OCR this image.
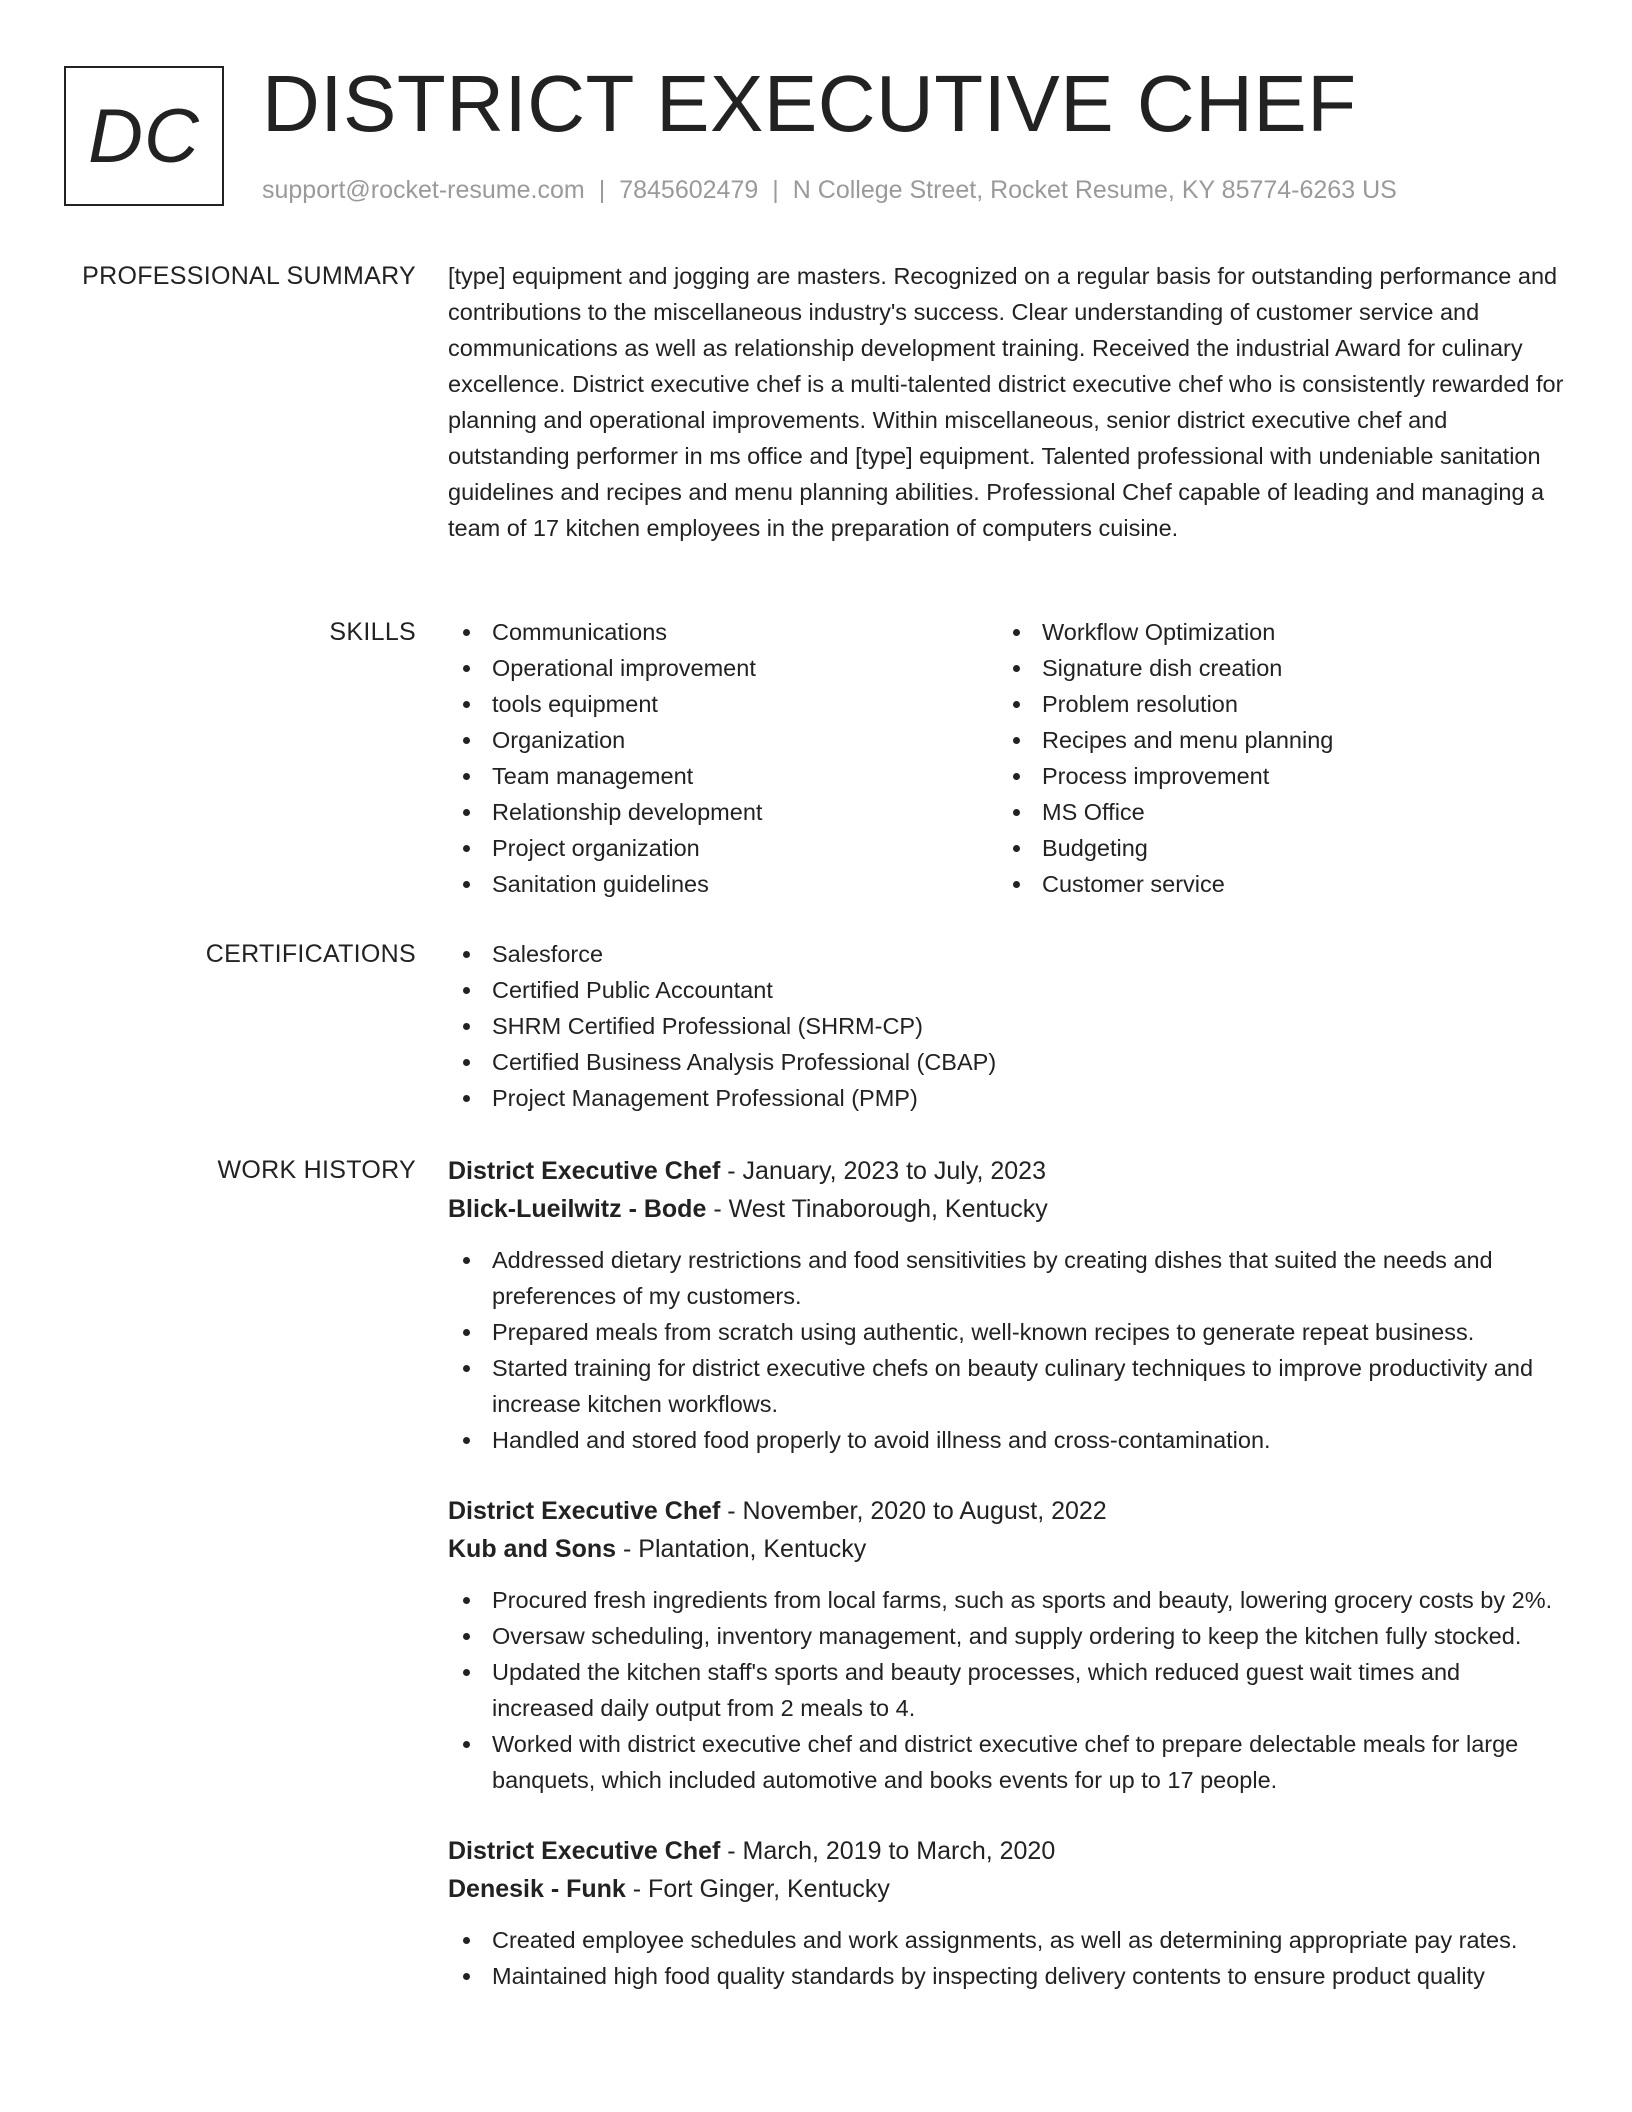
DC DISTRICT EXECUTIVE CHEF
support@rocket-resume.com | 7845602479 | N College Street, Rocket Resume, KY 85774-6263 US
PROFESSIONAL SUMMARY [type] equipment and jogging are masters. Recognized on a regular basis for outstanding performance and contributions to the miscellaneous industry's success. Clear understanding of customer service and communications as well as relationship development training. Received the industrial Award for culinary excellence. District executive chef is a multi-talented district executive chef who is consistently rewarded for planning and operational improvements. Within miscellaneous, senior district executive chef and outstanding performer in ms office and [type] equipment. Talented professional with undeniable sanitation guidelines and recipes and menu planning abilities. Professional Chef capable of leading and managing a team of 17 kitchen employees in the preparation of computers cuisine.

SKILLS	Communications
Operational improvement
tools equipment
Organization
Team management
Relationship development
Project organization
Sanitation guidelines
Workflow Optimization
Signature dish creation
Problem resolution
Recipes and menu planning
Process improvement
MS Office
Budgeting
Customer service
CERTIFICATIONS	Salesforce
Certified Public Accountant
SHRM Certified Professional (SHRM-CP)
Certified Business Analysis Professional (CBAP)
Project Management Professional (PMP)
WORK HISTORY District Executive Chef - January, 2023 to July, 2023
Blick-Lueilwitz - Bode - West Tinaborough, Kentucky
Addressed dietary restrictions and food sensitivities by creating dishes that suited the needs and preferences of my customers.
Prepared meals from scratch using authentic, well-known recipes to generate repeat business.
Started training for district executive chefs on beauty culinary techniques to improve productivity and increase kitchen workflows.
Handled and stored food properly to avoid illness and cross-contamination.
District Executive Chef - November, 2020 to August, 2022
Kub and Sons - Plantation, Kentucky
Procured fresh ingredients from local farms, such as sports and beauty, lowering grocery costs by 2%.
Oversaw scheduling, inventory management, and supply ordering to keep the kitchen fully stocked.
Updated the kitchen staff's sports and beauty processes, which reduced guest wait times and increased daily output from 2 meals to 4.
Worked with district executive chef and district executive chef to prepare delectable meals for large banquets, which included automotive and books events for up to 17 people.
District Executive Chef - March, 2019 to March, 2020
Denesik - Funk - Fort Ginger, Kentucky
Created employee schedules and work assignments, as well as determining appropriate pay rates.
Maintained high food quality standards by inspecting delivery contents to ensure product quality
